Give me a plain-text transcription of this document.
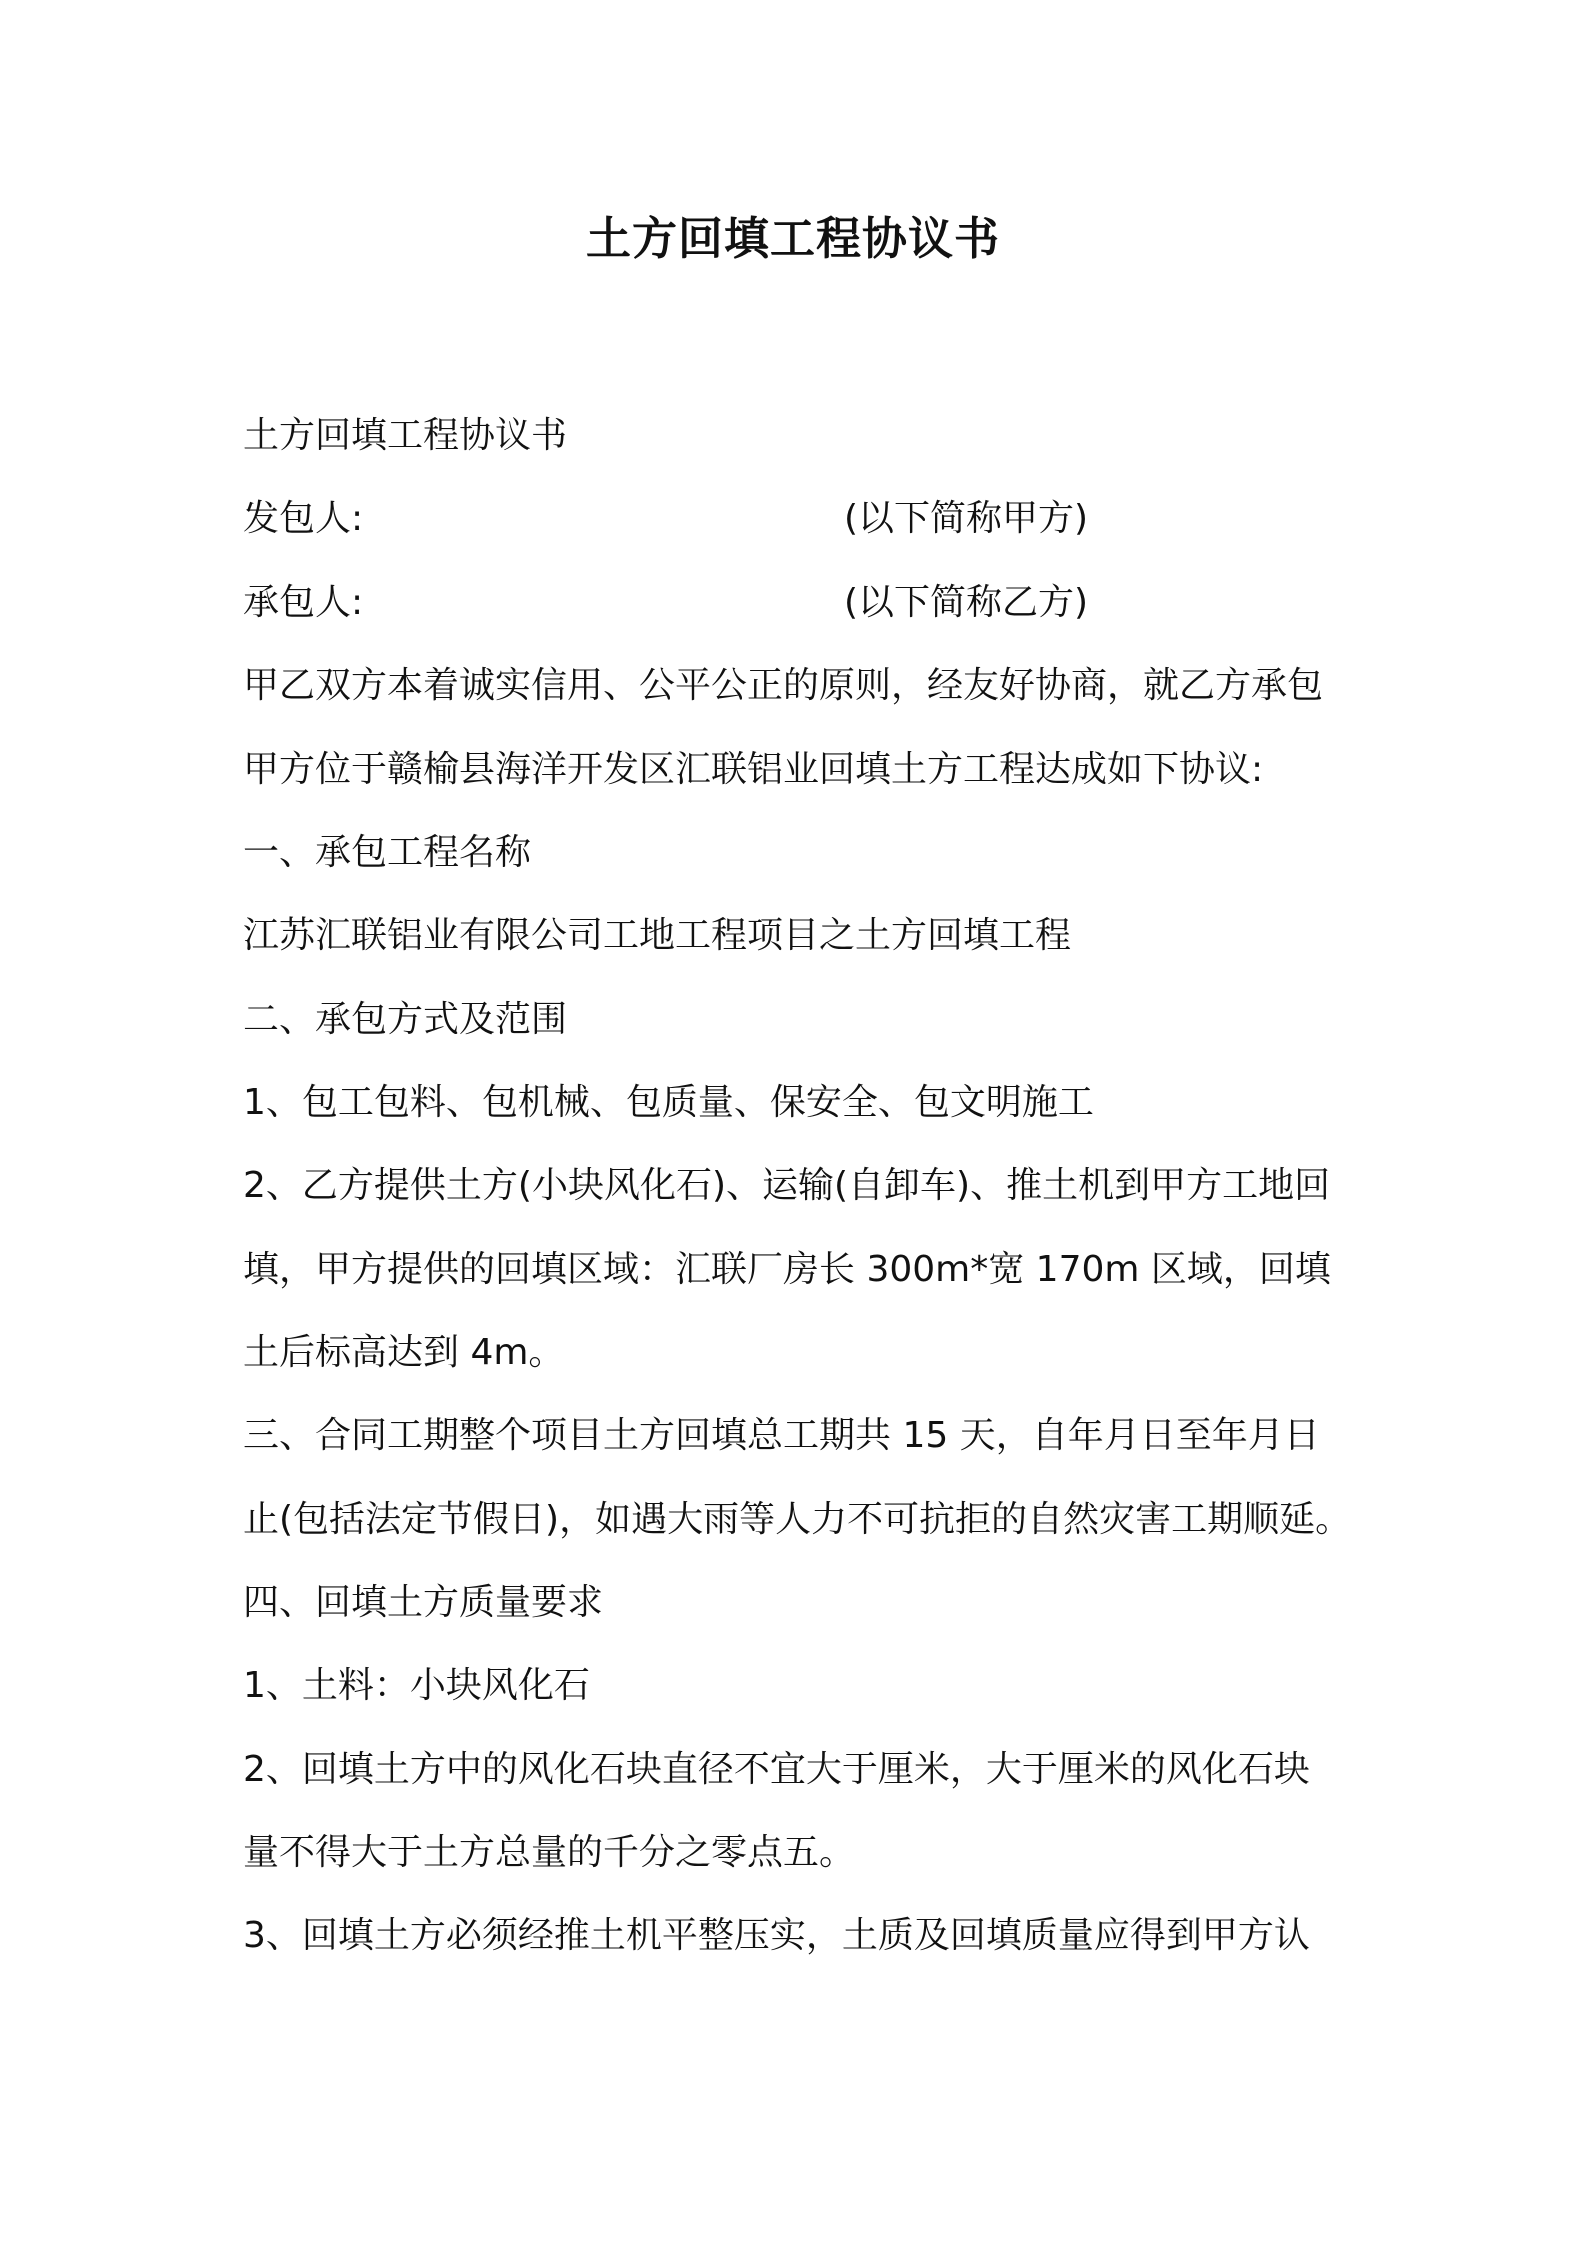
土方回填工程协议书
土方回填工程协议书
发包人:	(以下简称甲方)
承包人:	(以下简称乙方)
甲乙双方本着诚实信用、公平公正的原则，经友好协商，就乙方承包
甲方位于赣榆县海洋开发区汇联铝业回填土方工程达成如下协议:
一、承包工程名称
江苏汇联铝业有限公司工地工程项目之土方回填工程
二、承包方式及范围
1、包工包料、包机械、包质量、保安全、包文明施工
2、乙方提供土方(小块风化石)、运输(自卸车)、推土机到甲方工地回
填，甲方提供的回填区域：汇联厂房长 300m*宽 170m 区域，回填
土后标高达到 4m。
三、合同工期整个项目土方回填总工期共 15 天，自年月日至年月日
止(包括法定节假日)，如遇大雨等人力不可抗拒的自然灾害工期顺延。
四、回填土方质量要求
1、土料：小块风化石
2、回填土方中的风化石块直径不宜大于厘米，大于厘米的风化石块
量不得大于土方总量的千分之零点五。
3、回填土方必须经推土机平整压实，土质及回填质量应得到甲方认
